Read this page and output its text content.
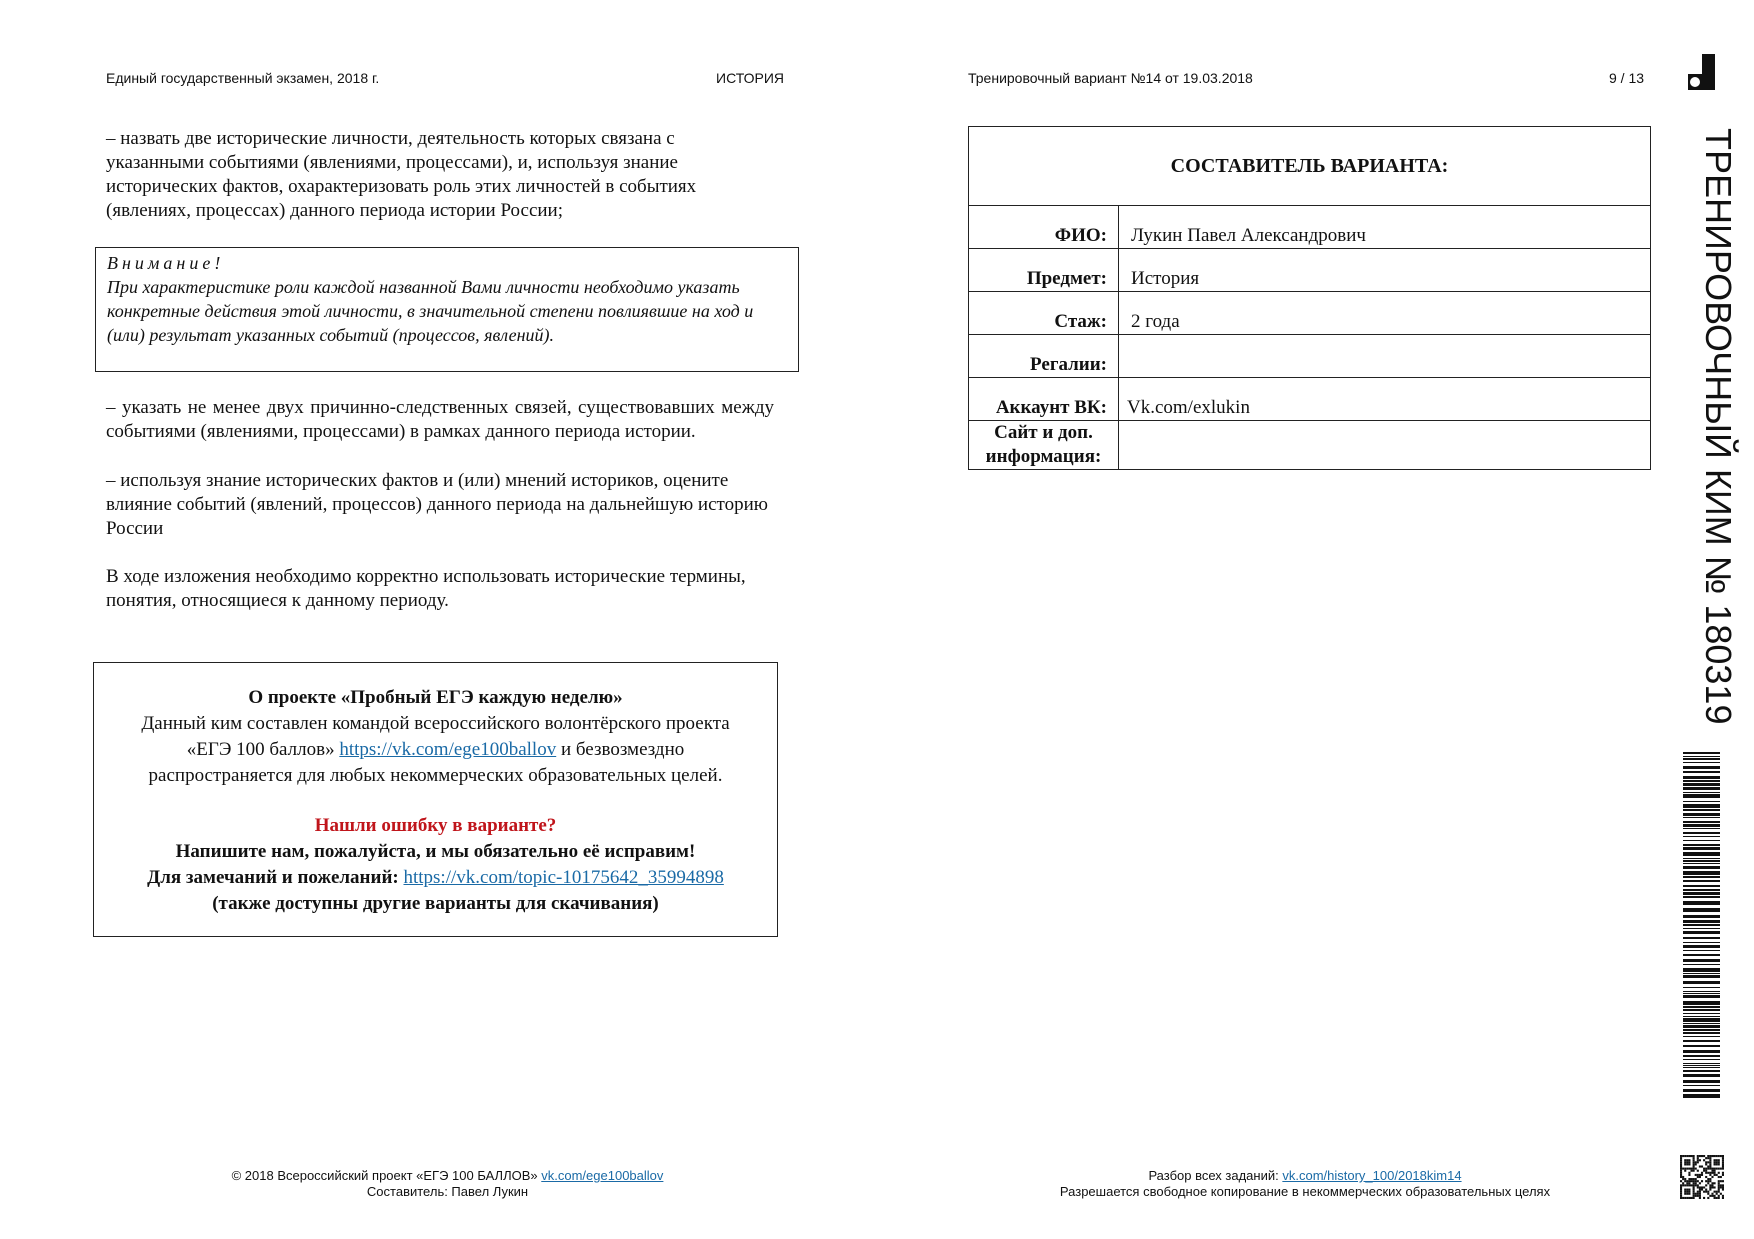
Единый государственный экзамен, 2018 г.	ИСТОРИЯ	Тренировочный вариант №14 от 19.03.2018	9 / 13
– назвать две исторические личности, деятельность которых связана с указанными событиями (явлениями, процессами), и, используя знание исторических фактов, охарактеризовать роль этих личностей в событиях (явлениях, процессах) данного периода истории России;
Внимание!
При характеристике роли каждой названной Вами личности необходимо указать конкретные действия этой личности, в значительной степени повлиявшие на ход и (или) результат указанных событий (процессов, явлений).
– указать не менее двух причинно-следственных связей, существовавших между событиями (явлениями, процессами) в рамках данного периода истории.
– используя знание исторических фактов и (или) мнений историков, оцените влияние событий (явлений, процессов) данного периода на дальнейшую историю России
В ходе изложения необходимо корректно использовать исторические термины, понятия, относящиеся к данному периоду.
О проекте «Пробный ЕГЭ каждую неделю»
Данный ким составлен командой всероссийского волонтёрского проекта
«ЕГЭ 100 баллов» https://vk.com/ege100ballov и безвозмездно
распространяется для любых некоммерческих образовательных целей.
Нашли ошибку в варианте?
Напишите нам, пожалуйста, и мы обязательно её исправим!
Для замечаний и пожеланий: https://vk.com/topic-10175642_35994898
(также доступны другие варианты для скачивания)
СОСТАВИТЕЛЬ ВАРИАНТА:	
ФИО:	Лукин Павел Александрович
Предмет:	История
Стаж:	2 года
Регалии:	
Аккаунт ВК:	Vk.com/exlukin
Сайт и доп. информация:		ТРЕНИРОВОЧНЫЙ КИМ № 180319
© 2018 Всероссийский проект «ЕГЭ 100 БАЛЛОВ» vk.com/ege100ballov
Составитель: Павел Лукин
Разбор всех заданий: vk.com/history_100/2018kim14
Разрешается свободное копирование в некоммерческих образовательных целях
